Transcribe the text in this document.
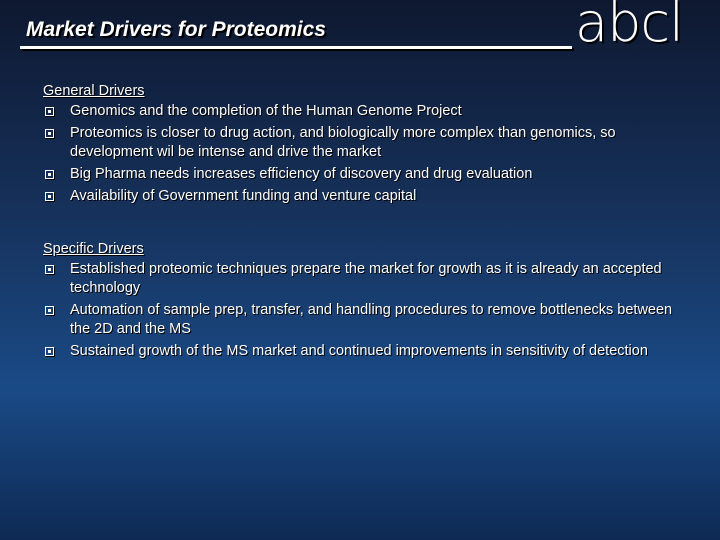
Market Drivers for Proteomics	abcl
General Drivers
Genomics and the completion of the Human Genome Project
Proteomics is closer to drug action, and biologically more complex than genomics, so development wil be intense and drive the market
Big Pharma needs increases efficiency of discovery and drug evaluation
Availability of Government funding and venture capital
Specific Drivers
Established proteomic techniques prepare the market for growth as it is already an accepted technology
Automation of sample prep, transfer, and handling procedures to remove bottlenecks between the 2D and the MS
Sustained growth of the MS market and continued improvements in sensitivity of detection
